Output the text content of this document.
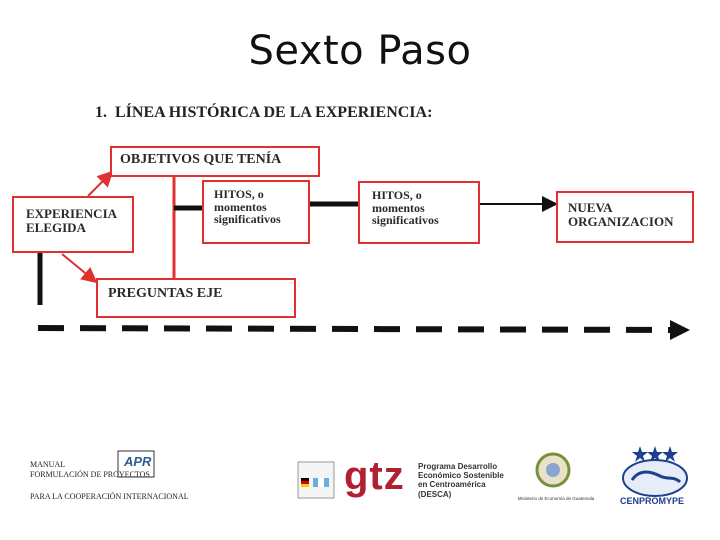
Sexto Paso
1. LÍNEA HISTÓRICA DE LA EXPERIENCIA:
OBJETIVOS QUE TENÍA
EXPERIENCIA
ELEGIDA
HITOS, o
momentos
significativos
HITOS, o
momentos
significativos
NUEVA
ORGANIZACION
PREGUNTAS EJE
MANUAL
FORMULACIÓN DE PROYECTOS
PARA LA COOPERACIÓN INTERNACIONAL
APR	gtz Programa Desarrollo
Económico Sostenible
en Centroamérica
(DESCA)	Ministerio de Economía de Guatemala	CENPROMYPE
